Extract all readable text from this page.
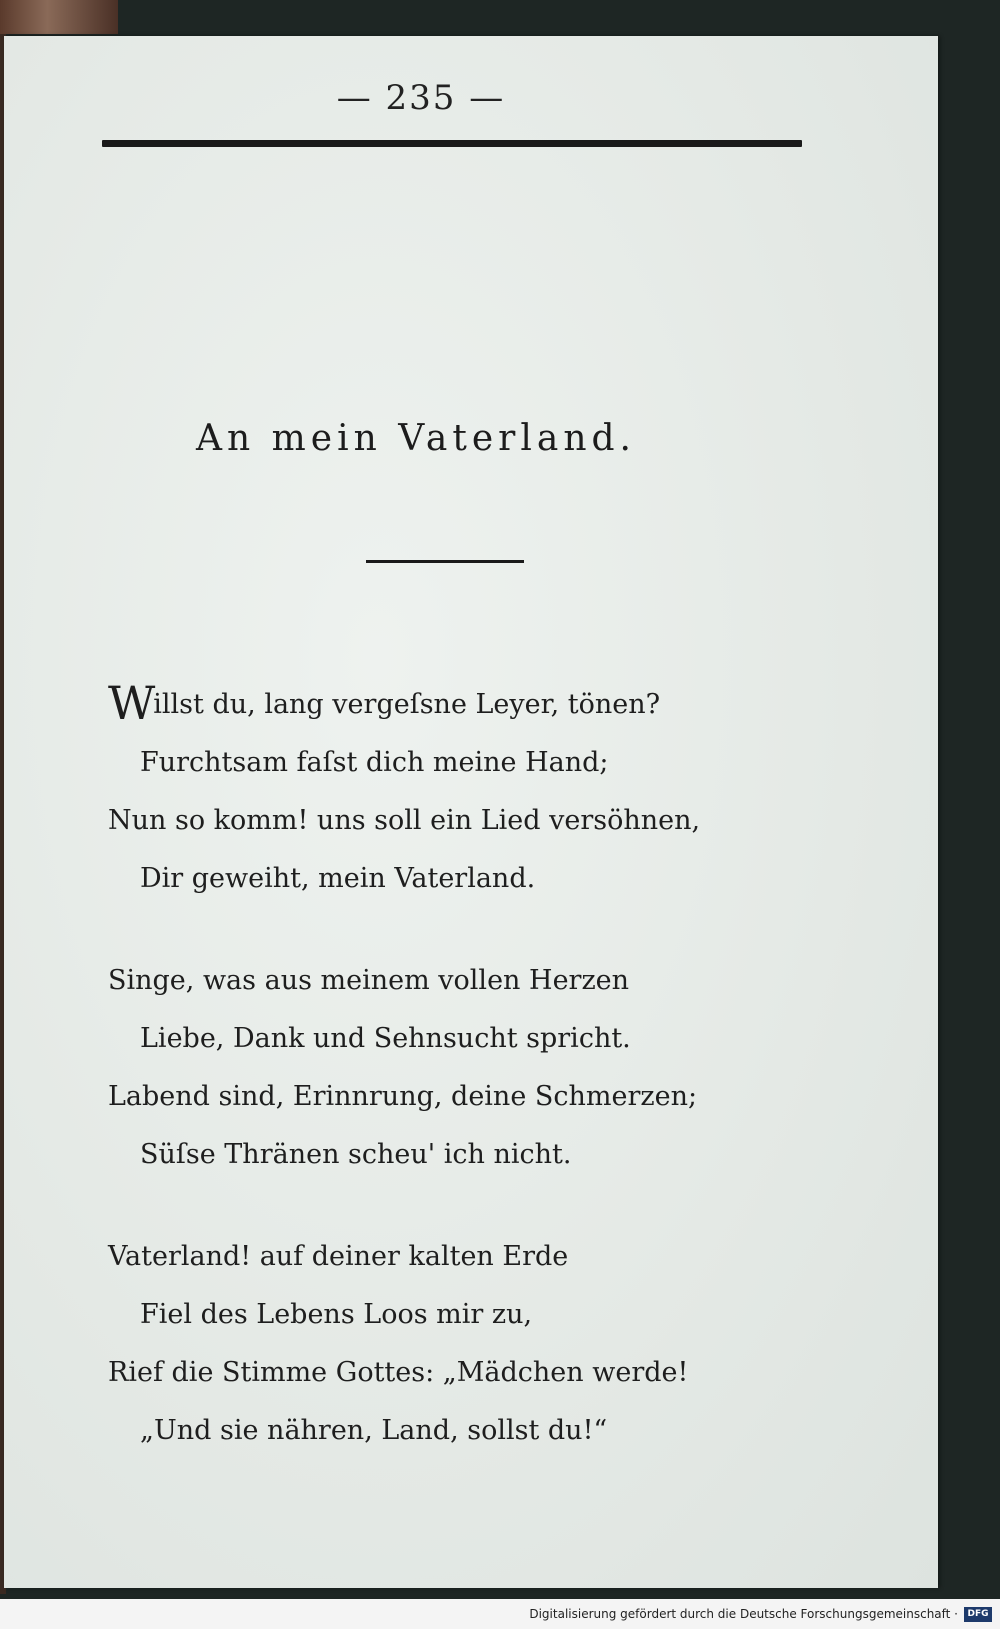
— 235 —
An mein Vaterland.
Willst du, lang vergeſsne Leyer, tönen?
Furchtsam faſst dich meine Hand;
Nun so komm! uns soll ein Lied versöhnen,
Dir geweiht, mein Vaterland.
Singe, was aus meinem vollen Herzen
Liebe, Dank und Sehnsucht spricht.
Labend sind, Erinnrung, deine Schmerzen;
Süſse Thränen scheu' ich nicht.
Vaterland! auf deiner kalten Erde
Fiel des Lebens Loos mir zu,
Rief die Stimme Gottes: „Mädchen werde!
„Und sie nähren, Land, sollst du!“
Digitalisierung gefördert durch die Deutsche Forschungsgemeinschaft ·	DFG
